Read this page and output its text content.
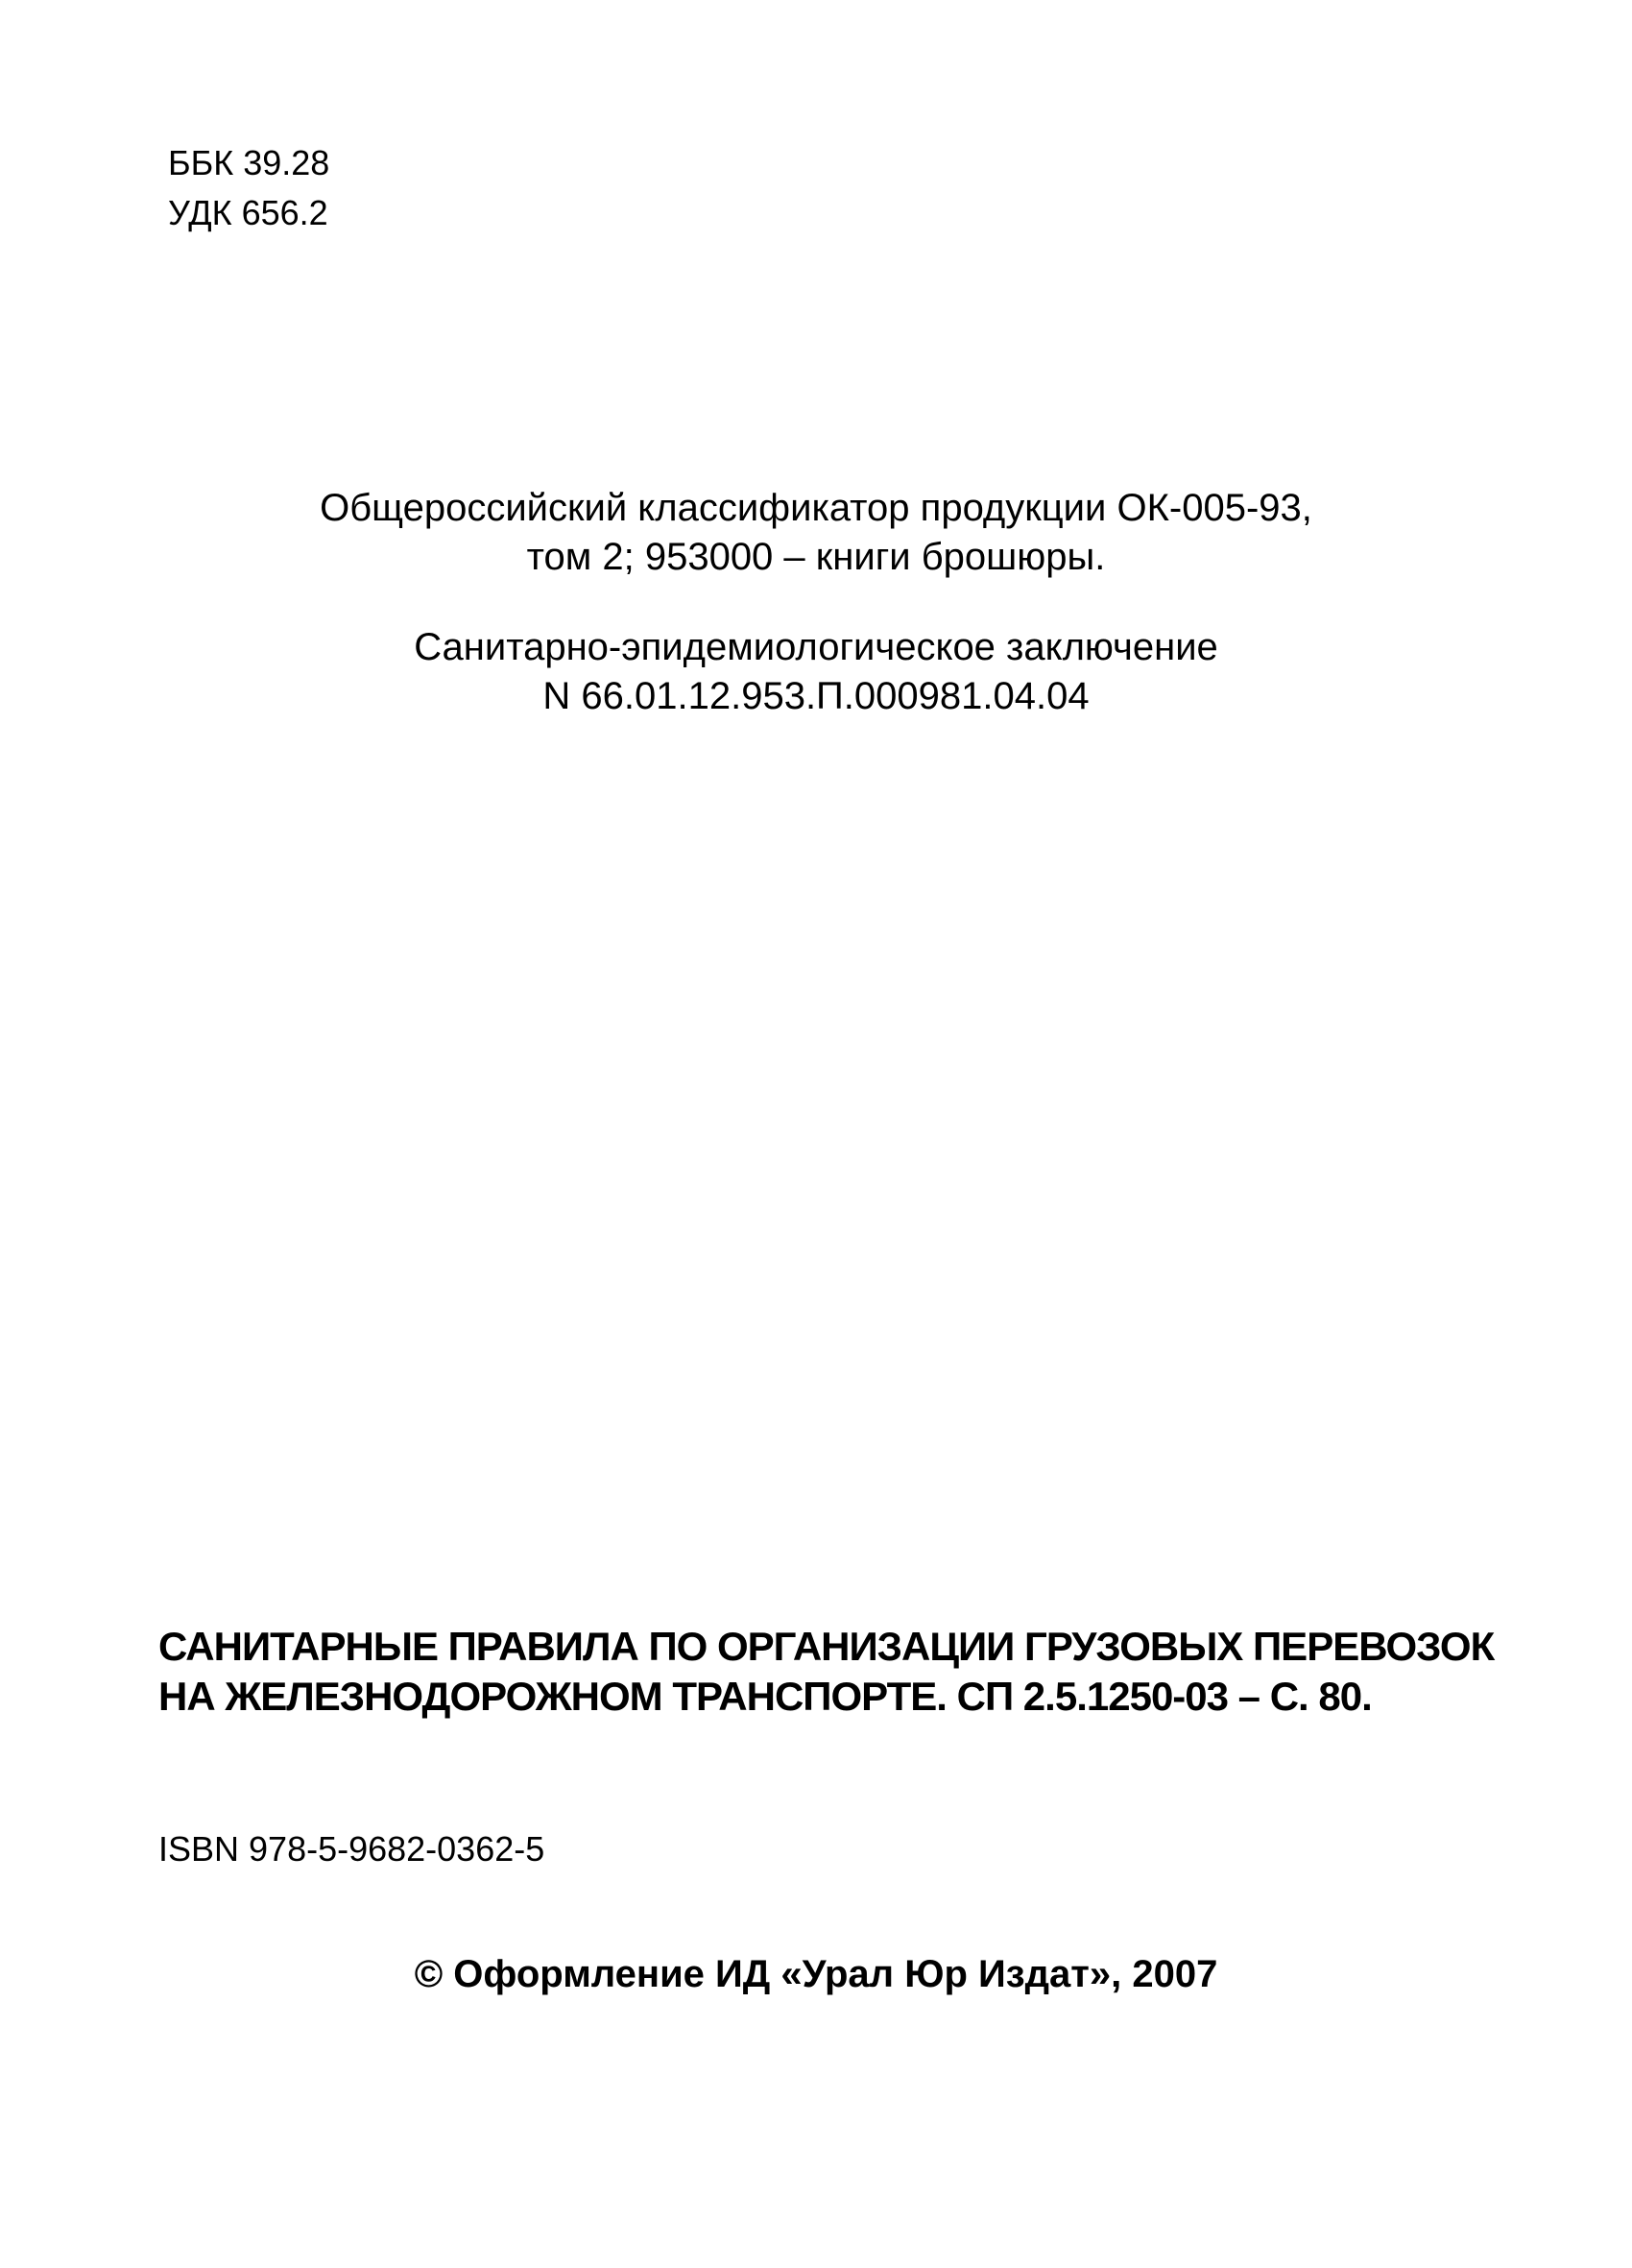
ББК 39.28

УДК 656.2

Общероссийский классификатор продукции ОК-005-93,

том 2; 953000 – книги брошюры.

Санитарно-эпидемиологическое заключение

N 66.01.12.953.П.000981.04.04

САНИТАРНЫЕ ПРАВИЛА ПО ОРГАНИЗАЦИИ ГРУЗОВЫХ ПЕРЕВОЗОК

НА ЖЕЛЕЗНОДОРОЖНОМ ТРАНСПОРТЕ. СП 2.5.1250-03 – С. 80.

ISBN 978-5-9682-0362-5

© Оформление ИД «Урал Юр Издат», 2007
